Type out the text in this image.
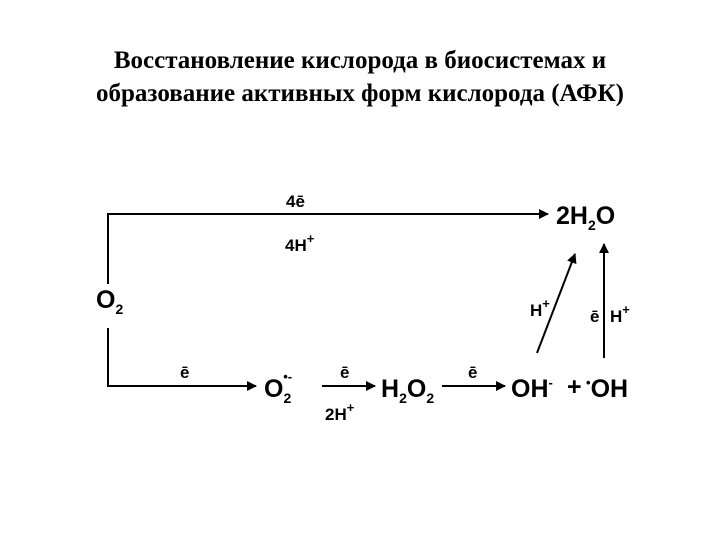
Восстановление кислорода в биосистемах и
образование активных форм кислорода (АФК)
$O_2$
4ē
4H+
$2H_2O$
ē
$O_2•-$	ē
2H+
$H_2O_2$
ē
OH- + •OH
H+
ē H+
